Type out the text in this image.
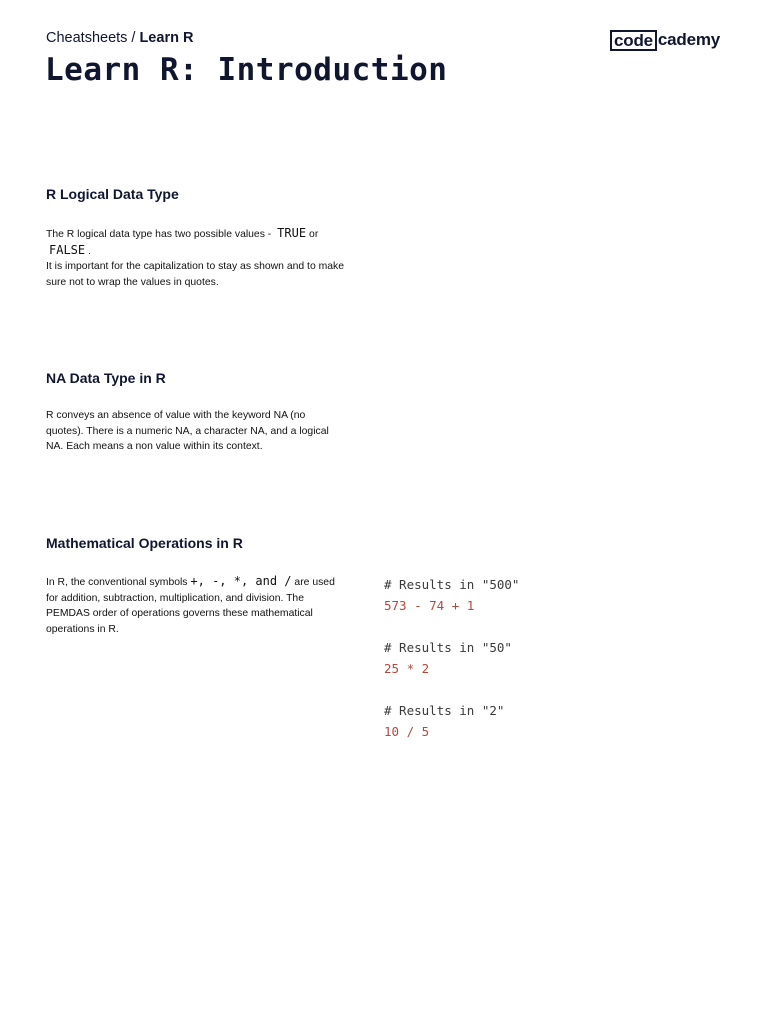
Cheatsheets / Learn R	code cademy
Learn R: Introduction
R Logical Data Type

The R logical data type has two possible values - TRUE or
FALSE .

It is important for the capitalization to stay as shown and to make sure not to wrap the values in quotes.

NA Data Type in R

R conveys an absence of value with the keyword NA (no quotes). There is a numeric NA, a character NA, and a logical NA. Each means a non value within its context.

Mathematical Operations in R

In R, the conventional symbols +, -, *, and / are used for addition, subtraction, multiplication, and division. The PEMDAS order of operations governs these mathematical operations in R.

# Results in "500"
573 - 74 + 1
# Results in "50"
25 * 2
# Results in "2"
10 / 5
